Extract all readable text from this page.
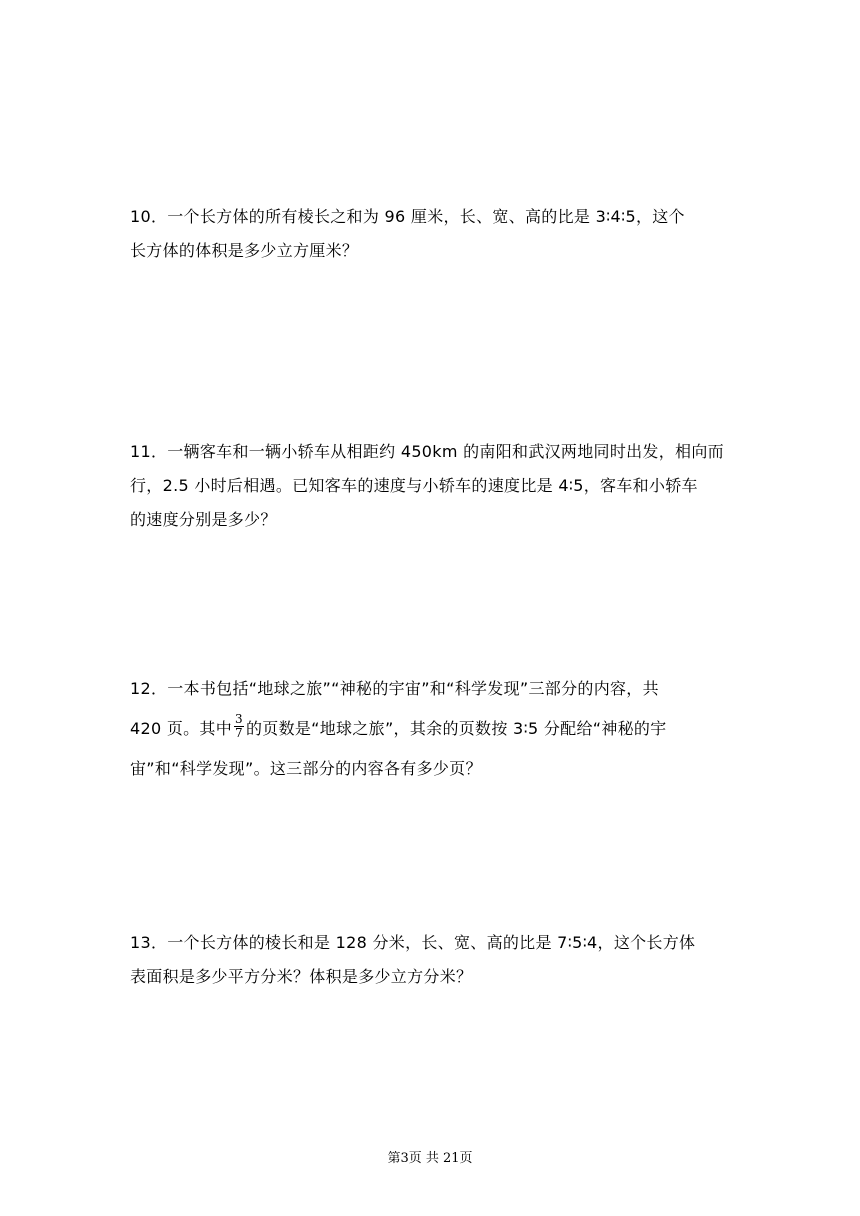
10．一个长方体的所有棱长之和为 96 厘米，长、宽、高的比是 3∶4∶5，这个
长方体的体积是多少立方厘米？
11．一辆客车和一辆小轿车从相距约 450km 的南阳和武汉两地同时出发，相向而
行，2.5 小时后相遇。已知客车的速度与小轿车的速度比是 4∶5，客车和小轿车
的速度分别是多少？
12．一本书包括“地球之旅”“神秘的宇宙”和“科学发现”三部分的内容，共
420 页。其中 $\frac{3}{7}$ 的页数是“地球之旅”，其余的页数按 3∶5 分配给“神秘的宇
宙”和“科学发现”。这三部分的内容各有多少页？
13．一个长方体的棱长和是 128 分米，长、宽、高的比是 7∶5∶4，这个长方体
表面积是多少平方分米？体积是多少立方分米？
第3页 共 21页
